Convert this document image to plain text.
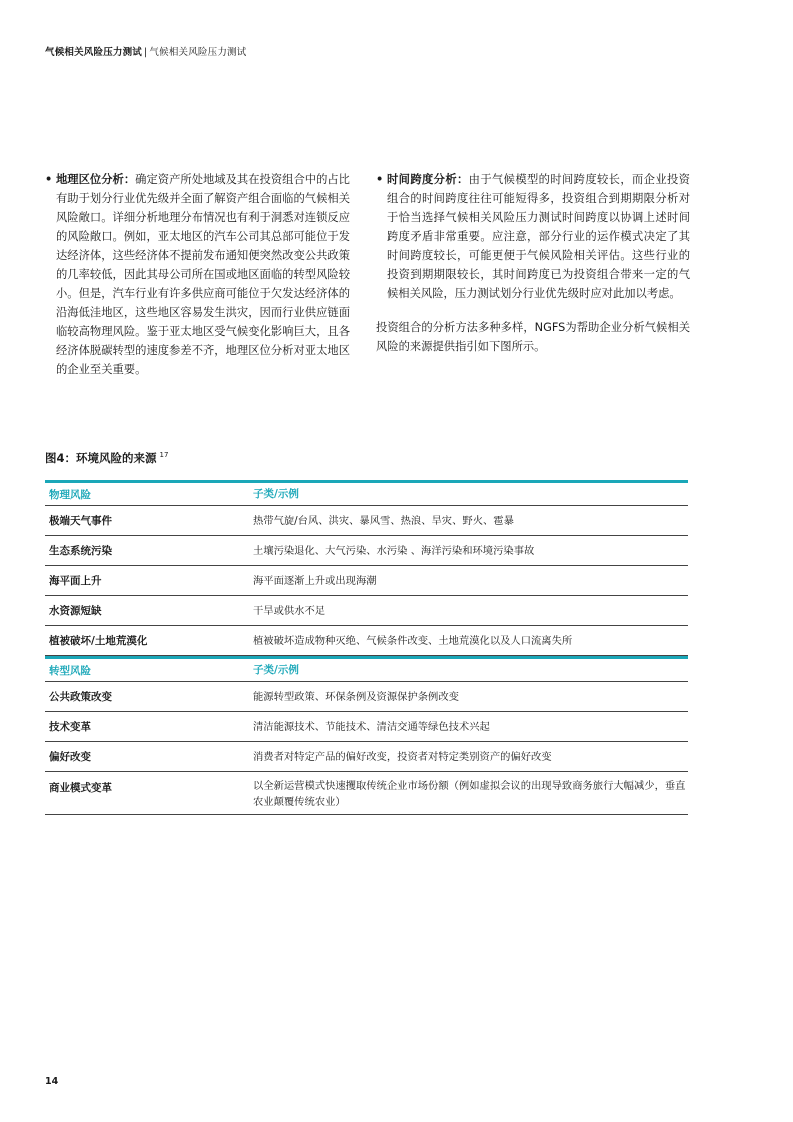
气候相关风险压力测试 | 气候相关风险压力测试
• 地理区位分析：确定资产所处地域及其在投资组合中的占比有助于划分行业优先级并全面了解资产组合面临的气候相关风险敞口。详细分析地理分布情况也有利于洞悉对连锁反应的风险敞口。例如，亚太地区的汽车公司其总部可能位于发达经济体，这些经济体不提前发布通知便突然改变公共政策的几率较低，因此其母公司所在国或地区面临的转型风险较小。但是，汽车行业有许多供应商可能位于欠发达经济体的沿海低洼地区，这些地区容易发生洪灾，因而行业供应链面临较高物理风险。鉴于亚太地区受气候变化影响巨大，且各经济体脱碳转型的速度参差不齐，地理区位分析对亚太地区的企业至关重要。
• 时间跨度分析：由于气候模型的时间跨度较长，而企业投资组合的时间跨度往往可能短得多，投资组合到期期限分析对于恰当选择气候相关风险压力测试时间跨度以协调上述时间跨度矛盾非常重要。应注意，部分行业的运作模式决定了其时间跨度较长，可能更便于气候风险相关评估。这些行业的投资到期期限较长，其时间跨度已为投资组合带来一定的气候相关风险，压力测试划分行业优先级时应对此加以考虑。
投资组合的分析方法多种多样，NGFS为帮助企业分析气候相关风险的来源提供指引如下图所示。
图4：环境风险的来源 $^{17}$
物理风险	子类/示例
极端天气事件	热带气旋/台风、洪灾、暴风雪、热浪、旱灾、野火、雹暴
生态系统污染	土壤污染退化、大气污染、水污染 、海洋污染和环境污染事故
海平面上升	海平面逐渐上升或出现海潮
水资源短缺	干旱或供水不足
植被破坏/土地荒漠化	植被破坏造成物种灭绝、气候条件改变、土地荒漠化以及人口流离失所
转型风险	子类/示例
公共政策改变	能源转型政策、环保条例及资源保护条例改变
技术变革	清洁能源技术、节能技术、清洁交通等绿色技术兴起
偏好改变	消费者对特定产品的偏好改变，投资者对特定类别资产的偏好改变
商业模式变革	以全新运营模式快速攫取传统企业市场份额（例如虚拟会议的出现导致商务旅行大幅减少，垂直农业颠覆传统农业）
14
